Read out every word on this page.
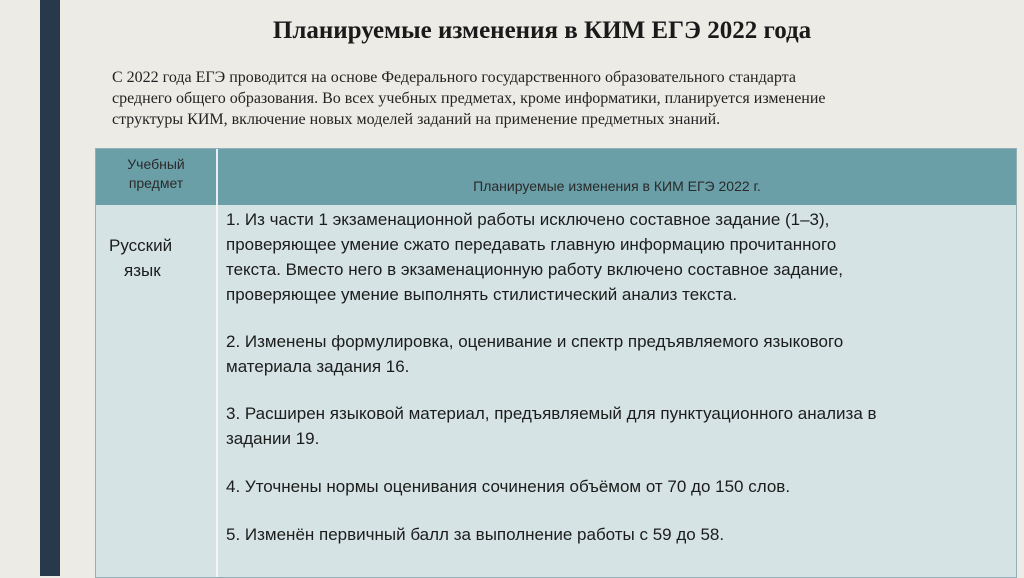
Планируемые изменения в КИМ ЕГЭ 2022 года
С 2022 года ЕГЭ проводится на основе Федерального государственного образовательного стандарта
среднего общего образования. Во всех учебных предметах, кроме информатики, планируется изменение
структуры КИМ, включение новых моделей заданий на применение предметных знаний.
Учебный
предмет	Планируемые изменения в КИМ ЕГЭ 2022 г.
Русский
язык
1. Из части 1 экзаменационной работы исключено составное задание (1–3),
проверяющее умение сжато передавать главную информацию прочитанного
текста. Вместо него в экзаменационную работу включено составное задание,
проверяющее умение выполнять стилистический анализ текста.
2. Изменены формулировка, оценивание и спектр предъявляемого языкового
материала задания 16.
3. Расширен языковой материал, предъявляемый для пунктуационного анализа в
задании 19.
4. Уточнены нормы оценивания сочинения объёмом от 70 до 150 слов.
5. Изменён первичный балл за выполнение работы с 59 до 58.
